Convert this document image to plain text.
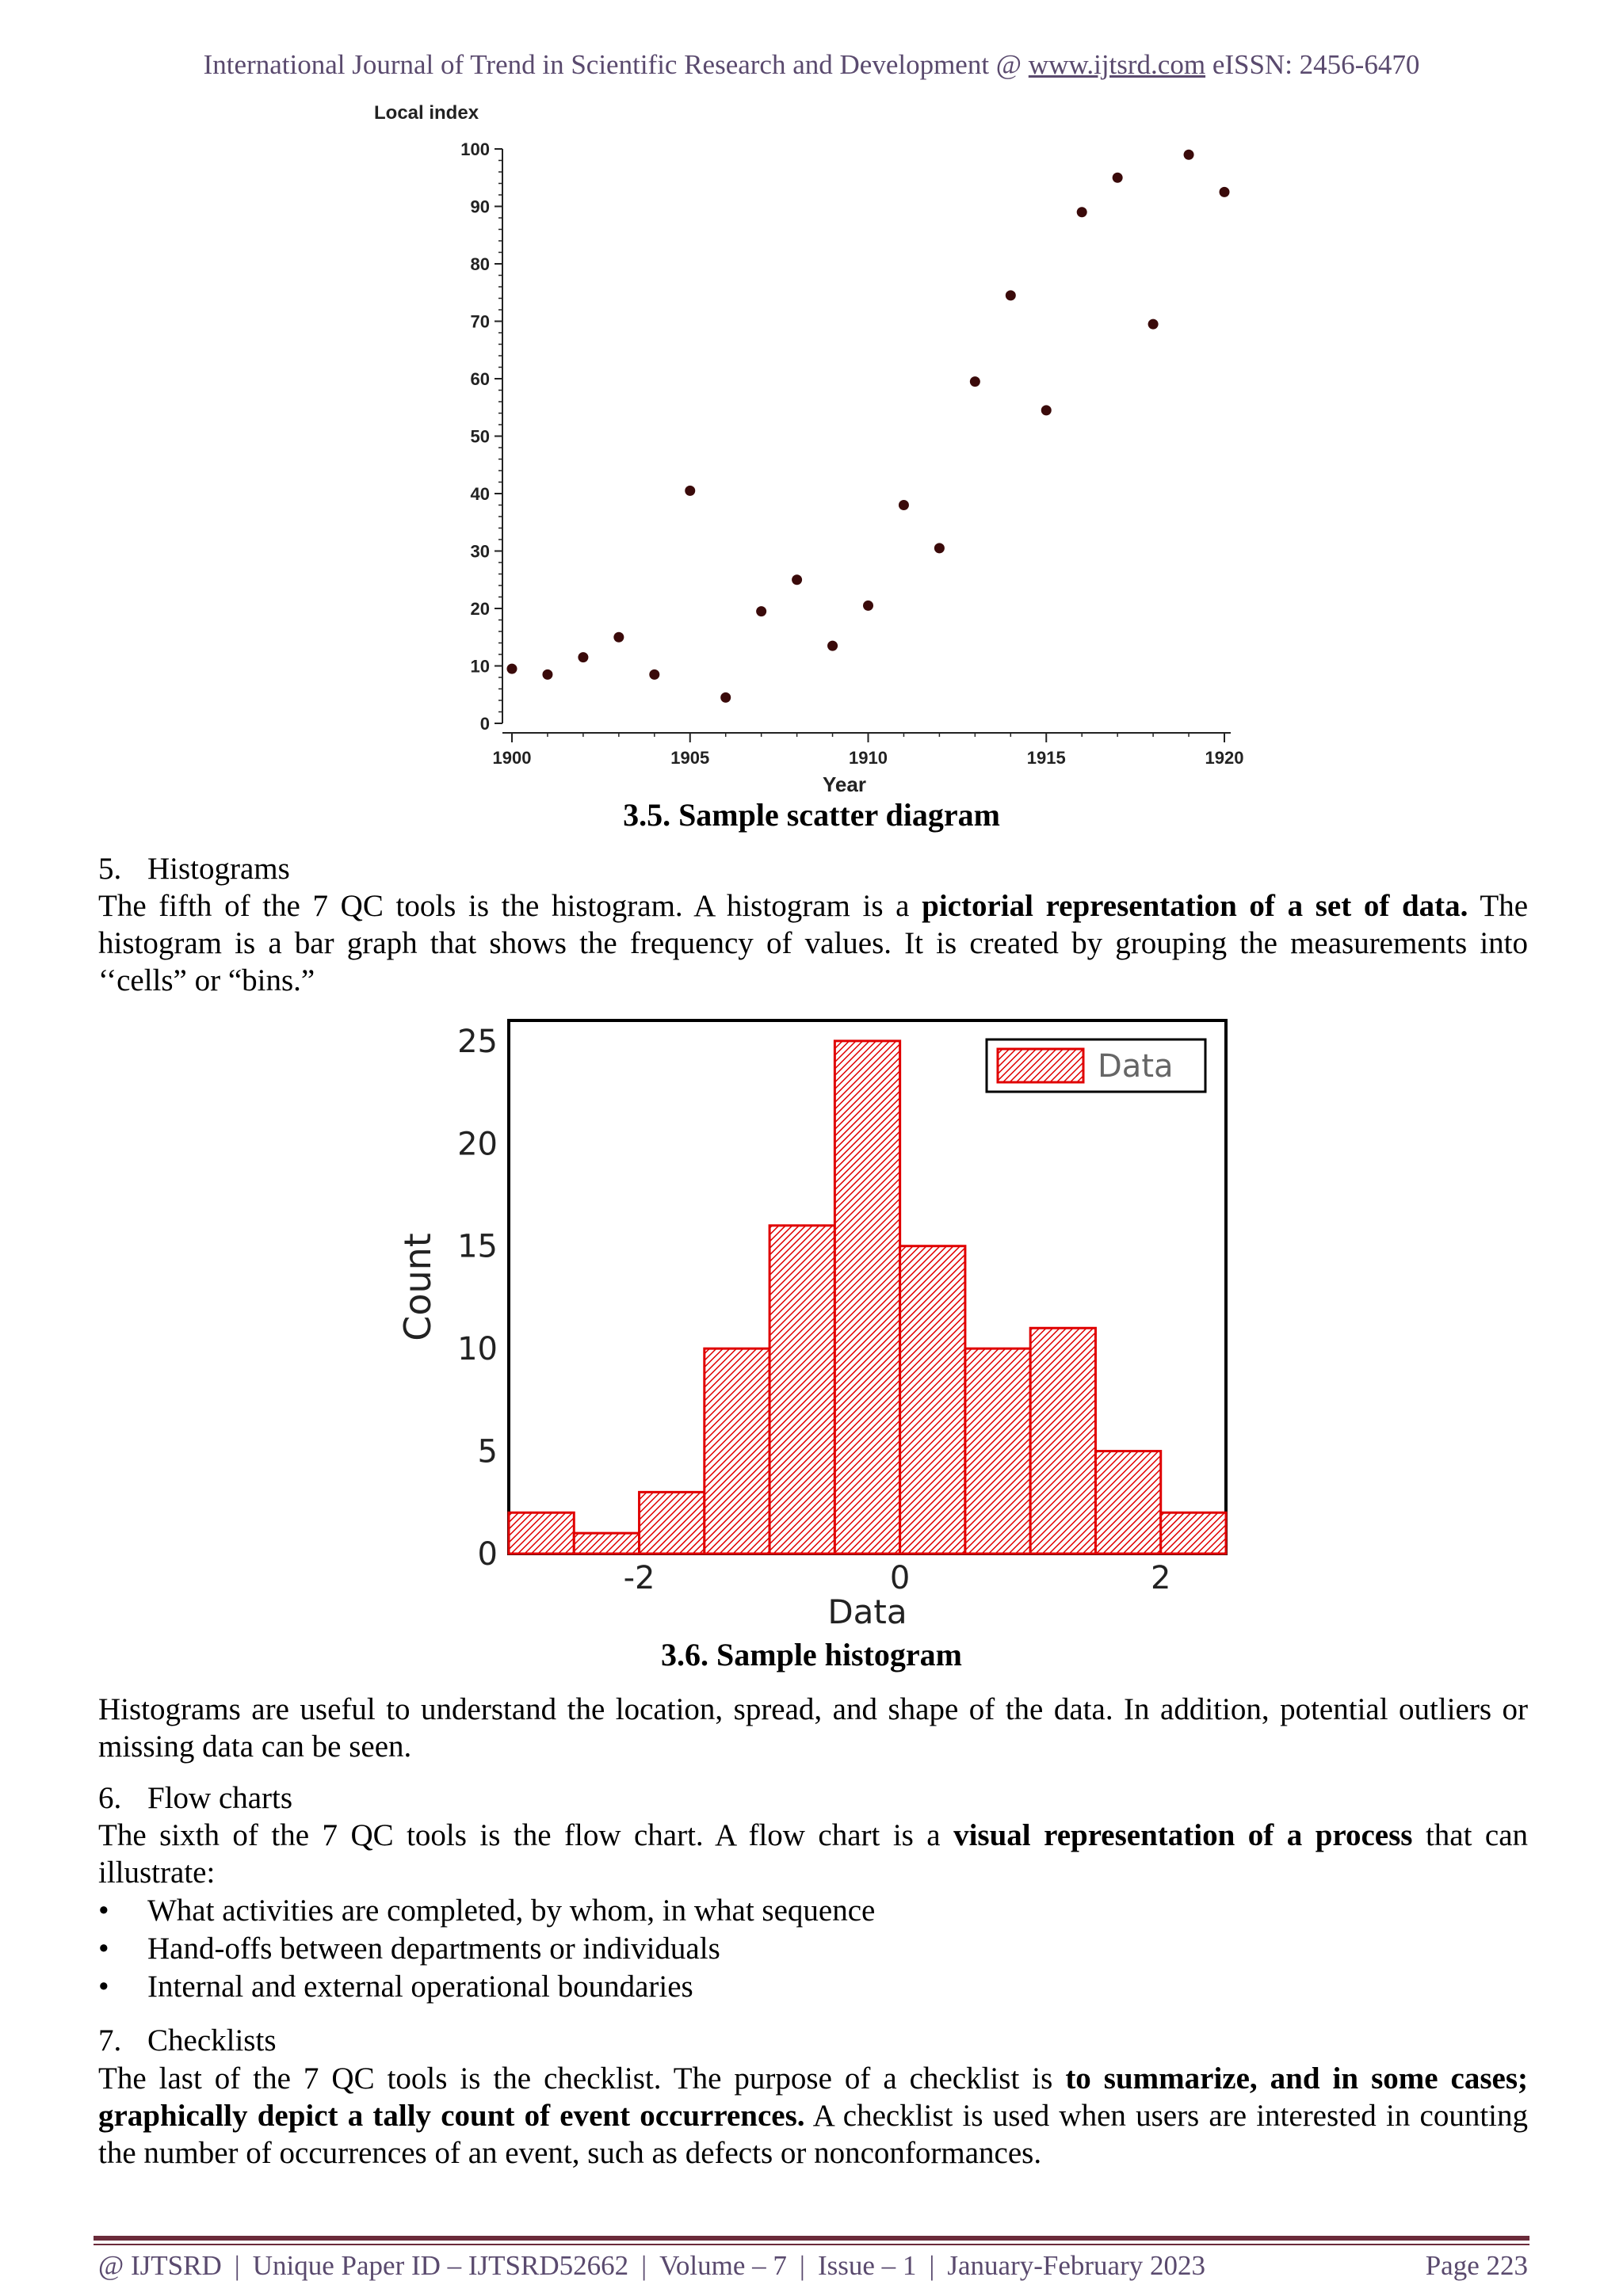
International Journal of Trend in Scientific Research and Development @ www.ijtsrd.com eISSN: 2456-6470
0
10
20
30
40
50
60
70
80
90
100
1900	1905	1910	1915	1920
Local index
Year
3.5. Sample scatter diagram
5. Histograms
The fifth of the 7 QC tools is the histogram. A histogram is a pictorial representation of a set of data. The histogram is a bar graph that shows the frequency of values. It is created by grouping the measurements into ‘‘cells” or “bins.”
0
5
10
15
20
25
-2	0	2
Data
Count
Data
3.6. Sample histogram
Histograms are useful to understand the location, spread, and shape of the data. In addition, potential outliers or missing data can be seen.
6. Flow charts
The sixth of the 7 QC tools is the flow chart. A flow chart is a visual representation of a process that can illustrate:
• What activities are completed, by whom, in what sequence
• Hand-offs between departments or individuals
• Internal and external operational boundaries
7. Checklists
The last of the 7 QC tools is the checklist. The purpose of a checklist is to summarize, and in some cases; graphically depict a tally count of event occurrences. A checklist is used when users are interested in counting the number of occurrences of an event, such as defects or nonconformances.
@ IJTSRD | Unique Paper ID – IJTSRD52662 | Volume – 7 | Issue – 1 | January-February 2023	Page 223
